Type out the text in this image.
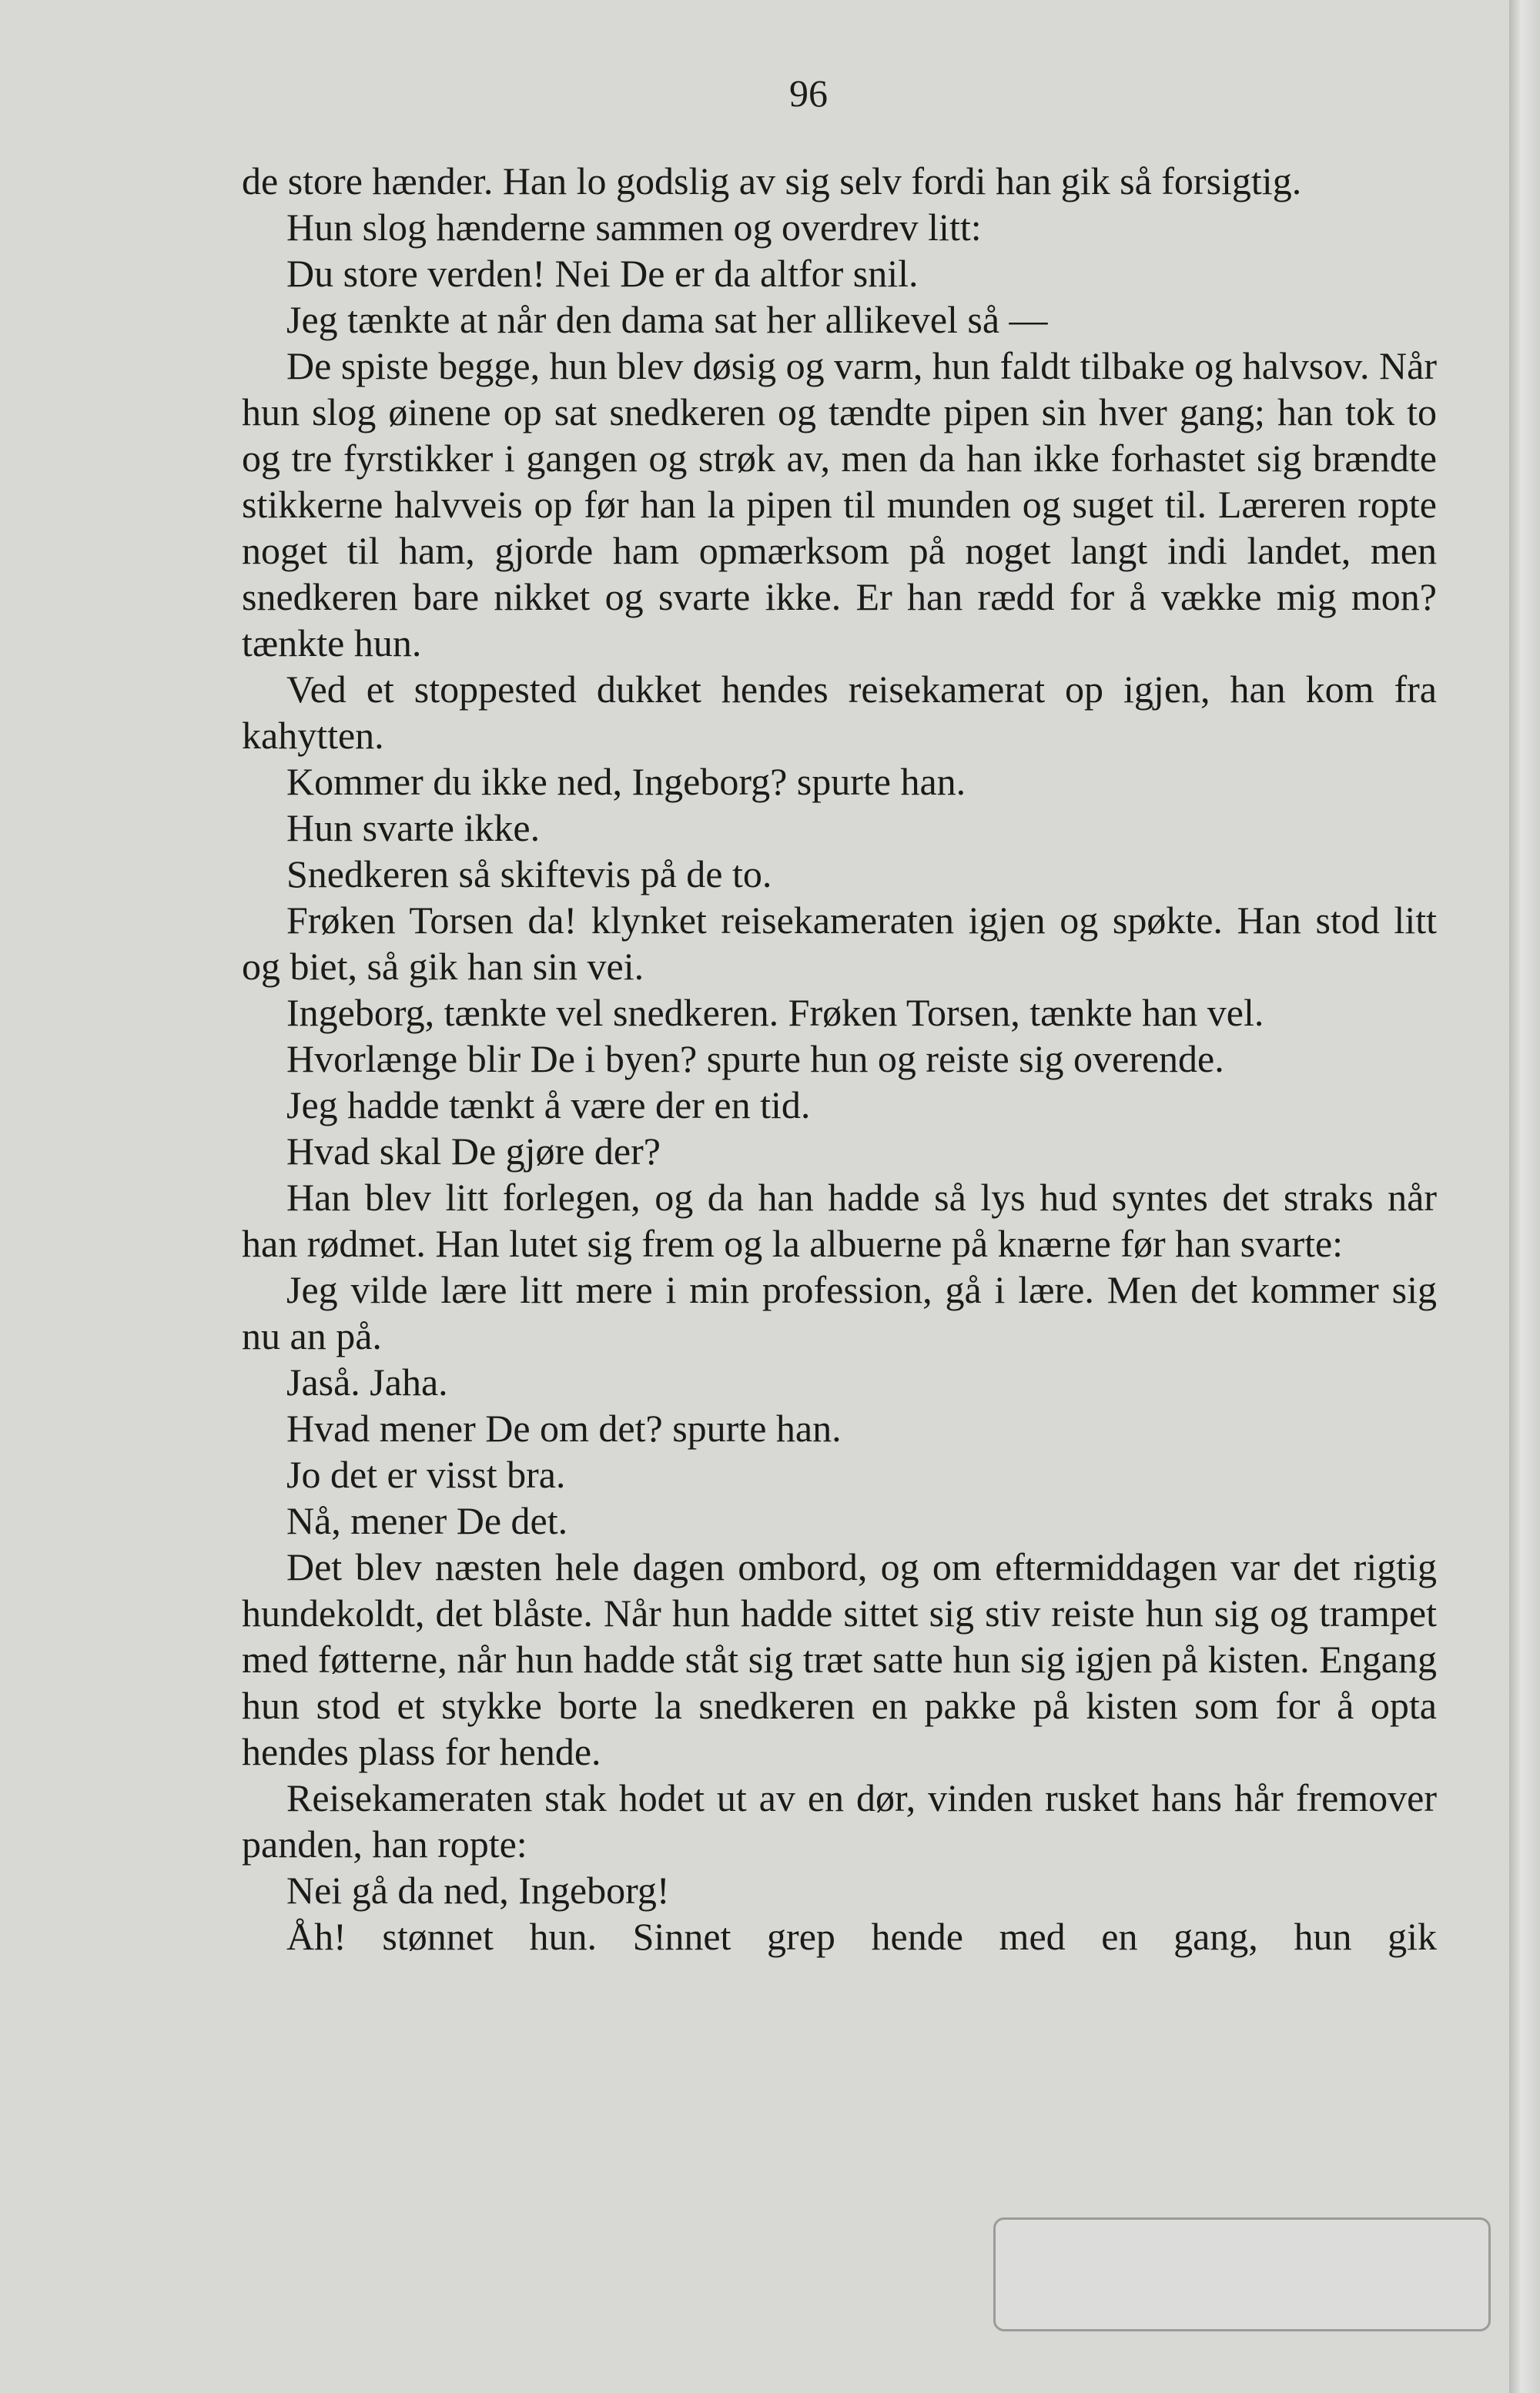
96

de store hænder. Han lo godslig av sig selv fordi han gik så forsigtig.

Hun slog hænderne sammen og overdrev litt:

Du store verden! Nei De er da altfor snil.

Jeg tænkte at når den dama sat her allikevel så —

De spiste begge, hun blev døsig og varm, hun faldt tilbake og halvsov. Når hun slog øinene op sat snedkeren og tændte pipen sin hver gang; han tok to og tre fyrstikker i gangen og strøk av, men da han ikke forhastet sig brændte stikkerne halvveis op før han la pipen til munden og suget til. Læreren ropte noget til ham, gjorde ham opmærksom på noget langt indi landet, men snedkeren bare nikket og svarte ikke. Er han rædd for å vække mig mon? tænkte hun.

Ved et stoppested dukket hendes reisekamerat op igjen, han kom fra kahytten.

Kommer du ikke ned, Ingeborg? spurte han.

Hun svarte ikke.

Snedkeren så skiftevis på de to.

Frøken Torsen da! klynket reisekameraten igjen og spøkte. Han stod litt og biet, så gik han sin vei.

Ingeborg, tænkte vel snedkeren. Frøken Torsen, tænkte han vel.

Hvorlænge blir De i byen? spurte hun og reiste sig overende.

Jeg hadde tænkt å være der en tid.

Hvad skal De gjøre der?

Han blev litt forlegen, og da han hadde så lys hud syntes det straks når han rødmet. Han lutet sig frem og la albuerne på knærne før han svarte:

Jeg vilde lære litt mere i min profession, gå i lære. Men det kommer sig nu an på.

Jaså. Jaha.

Hvad mener De om det? spurte han.

Jo det er visst bra.

Nå, mener De det.

Det blev næsten hele dagen ombord, og om eftermiddagen var det rigtig hundekoldt, det blåste. Når hun hadde sittet sig stiv reiste hun sig og trampet med føtterne, når hun hadde ståt sig træt satte hun sig igjen på kisten. Engang hun stod et stykke borte la snedkeren en pakke på kisten som for å opta hendes plass for hende.

Reisekameraten stak hodet ut av en dør, vinden rusket hans hår fremover panden, han ropte:

Nei gå da ned, Ingeborg!

Åh! stønnet hun. Sinnet grep hende med en gang, hun gik
